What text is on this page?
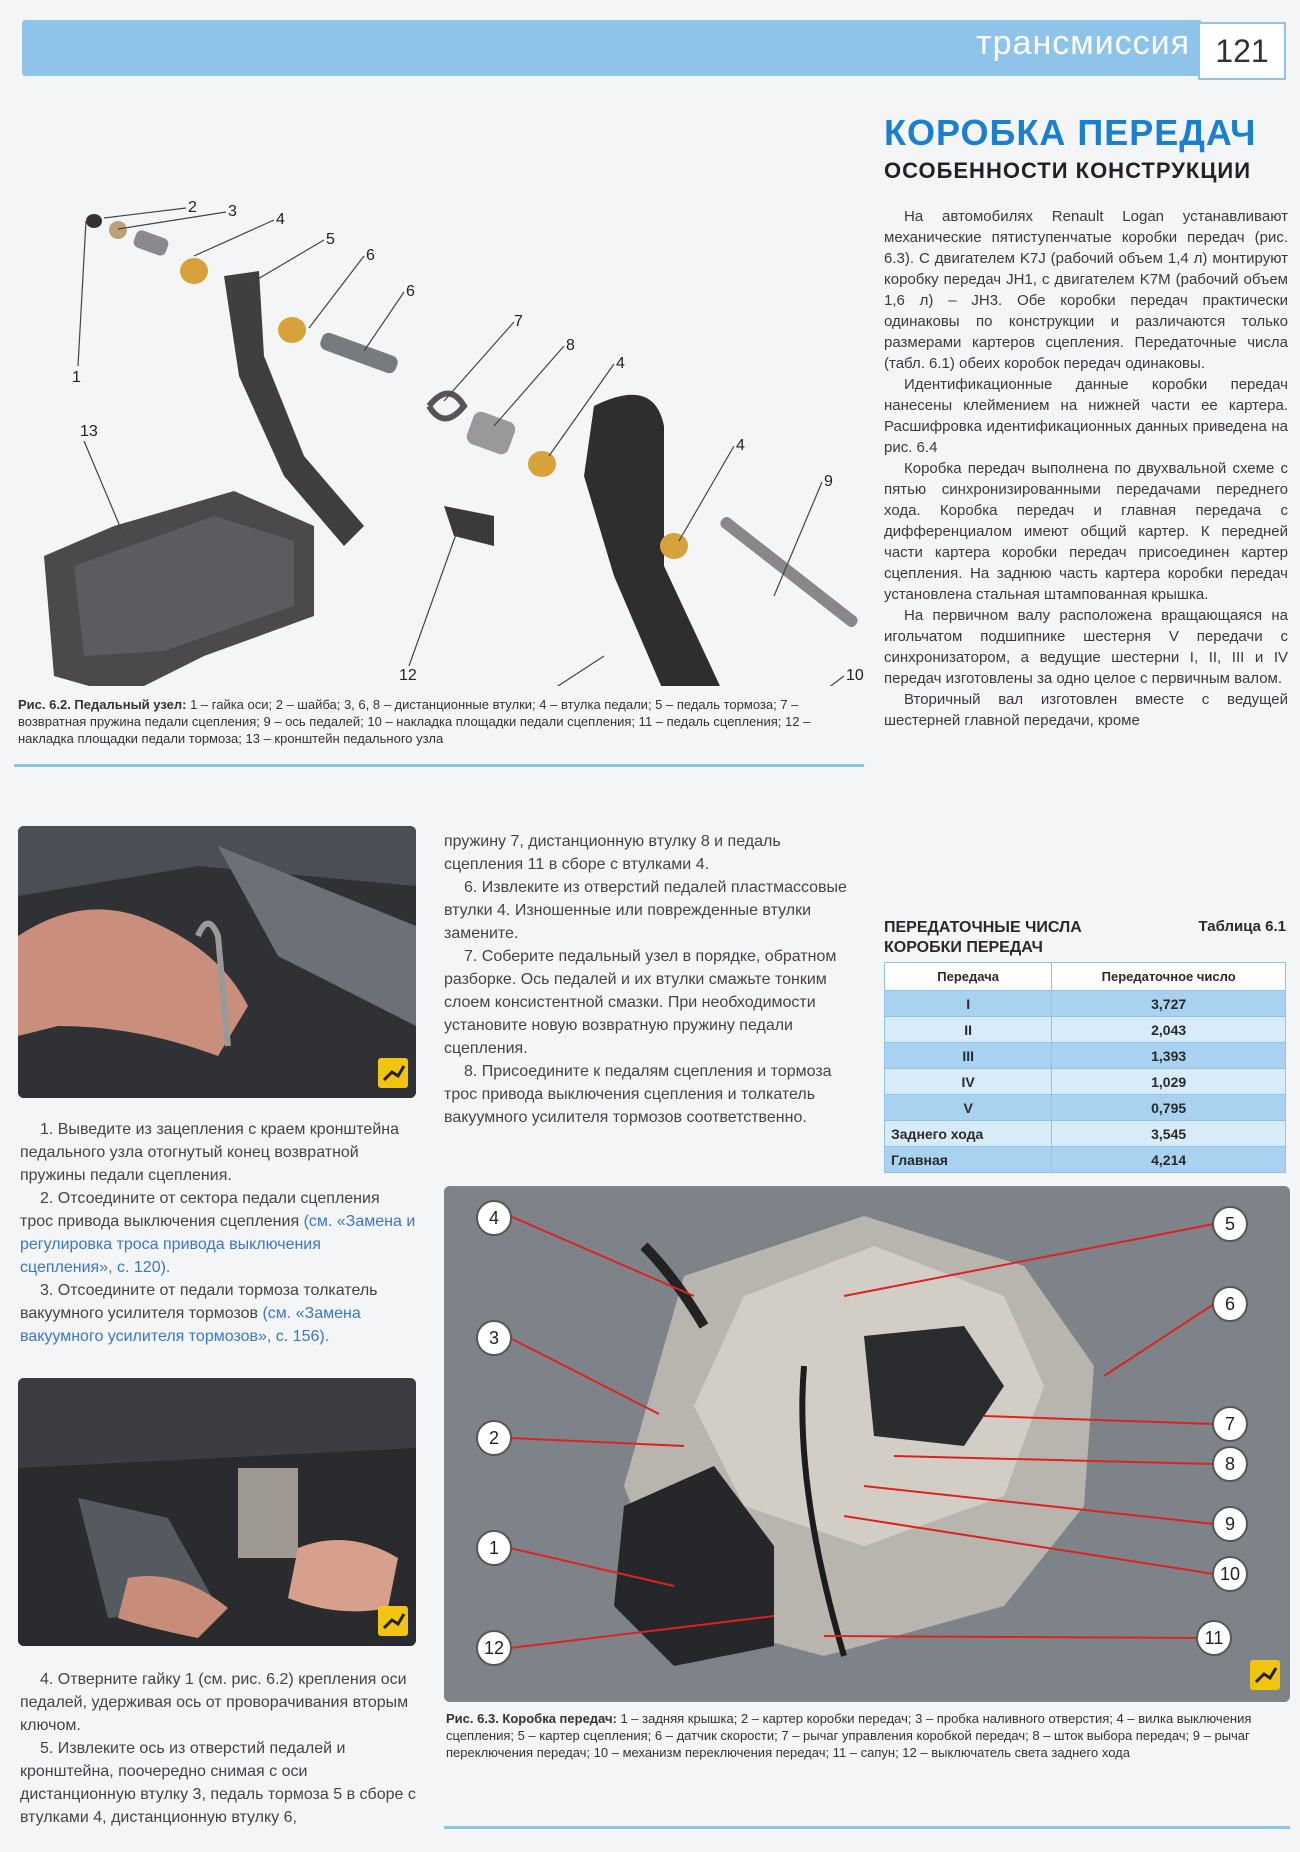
трансмиссия 121
1
2 3 4
5
6
6
7
8
4
4
9
10
12
13
Рис. 6.2. Педальный узел: 1 – гайка оси; 2 – шайба; 3, 6, 8 – дистанционные втулки; 4 – втулка педали; 5 – педаль тормоза; 7 – возвратная пружина педали сцепления; 9 – ось педалей; 10 – накладка площадки педали сцепления; 11 – педаль сцепления; 12 – накладка площадки педали тормоза; 13 – кронштейн педального узла
КОРОБКА ПЕРЕДАЧ
ОСОБЕННОСТИ КОНСТРУКЦИИ

На автомобилях Renault Logan устанавливают механические пятиступенчатые коробки передач (рис. 6.3). С двигателем K7J (рабочий объем 1,4 л) монтируют коробку передач JH1, с двигателем K7M (рабочий объем 1,6 л) – JH3. Обе коробки передач практически одинаковы по конструкции и различаются только размерами картеров сцепления. Передаточные числа (табл. 6.1) обеих коробок передач одинаковы.

Идентификационные данные коробки передач нанесены клеймением на нижней части ее картера. Расшифровка идентификационных данных приведена на рис. 6.4

Коробка передач выполнена по двухвальной схеме с пятью синхронизированными передачами переднего хода. Коробка передач и главная передача с дифференциалом имеют общий картер. К передней части картера коробки передач присоединен картер сцепления. На заднюю часть картера коробки передач установлена стальная штампованная крышка.

На первичном валу расположена вращающаяся на игольчатом подшипнике шестерня V передачи с синхронизатором, а ведущие шестерни I, II, III и IV передач изготовлены за одно целое с первичным валом.

Вторичный вал изготовлен вместе с ведущей шестерней главной передачи, кроме

ПЕРЕДАТОЧНЫЕ ЧИСЛА
КОРОБКИ ПЕРЕДАЧ
Таблица 6.1
Передача	Передаточное число
I	3,727
II	2,043
III	1,393
IV	1,029
V	0,795
Заднего хода	3,545
Главная	4,214

1. Выведите из зацепления с краем кронштейна педального узла отогнутый конец возвратной пружины педали сцепления.

2. Отсоедините от сектора педали сцепления трос привода выключения сцепления (см. «Замена и регулировка троса привода выключения сцепления», с. 120).

3. Отсоедините от педали тормоза толкатель вакуумного усилителя тормозов (см. «Замена вакуумного усилителя тормозов», с. 156).

4. Отверните гайку 1 (см. рис. 6.2) крепления оси педалей, удерживая ось от проворачивания вторым ключом.

5. Извлеките ось из отверстий педалей и кронштейна, поочередно снимая с оси дистанционную втулку 3, педаль тормоза 5 в сборе с втулками 4, дистанционную втулку 6,

пружину 7, дистанционную втулку 8 и педаль сцепления 11 в сборе с втулками 4.

6. Извлеките из отверстий педалей пластмассовые втулки 4. Изношенные или поврежденные втулки замените.

7. Соберите педальный узел в порядке, обратном разборке. Ось педалей и их втулки смажьте тонким слоем консистентной смазки. При необходимости установите новую возвратную пружину педали сцепления.

8. Присоедините к педалям сцепления и тормоза трос привода выключения сцепления и толкатель вакуумного усилителя тормозов соответственно.

4
3
2
1
12
5
6
7
8
9
10
11
Рис. 6.3. Коробка передач: 1 – задняя крышка; 2 – картер коробки передач; 3 – пробка наливного отверстия; 4 – вилка выключения сцепления; 5 – картер сцепления; 6 – датчик скорости; 7 – рычаг управления коробкой передач; 8 – шток выбора передач; 9 – рычаг переключения передач; 10 – механизм переключения передач; 11 – сапун; 12 – выключатель света заднего хода
